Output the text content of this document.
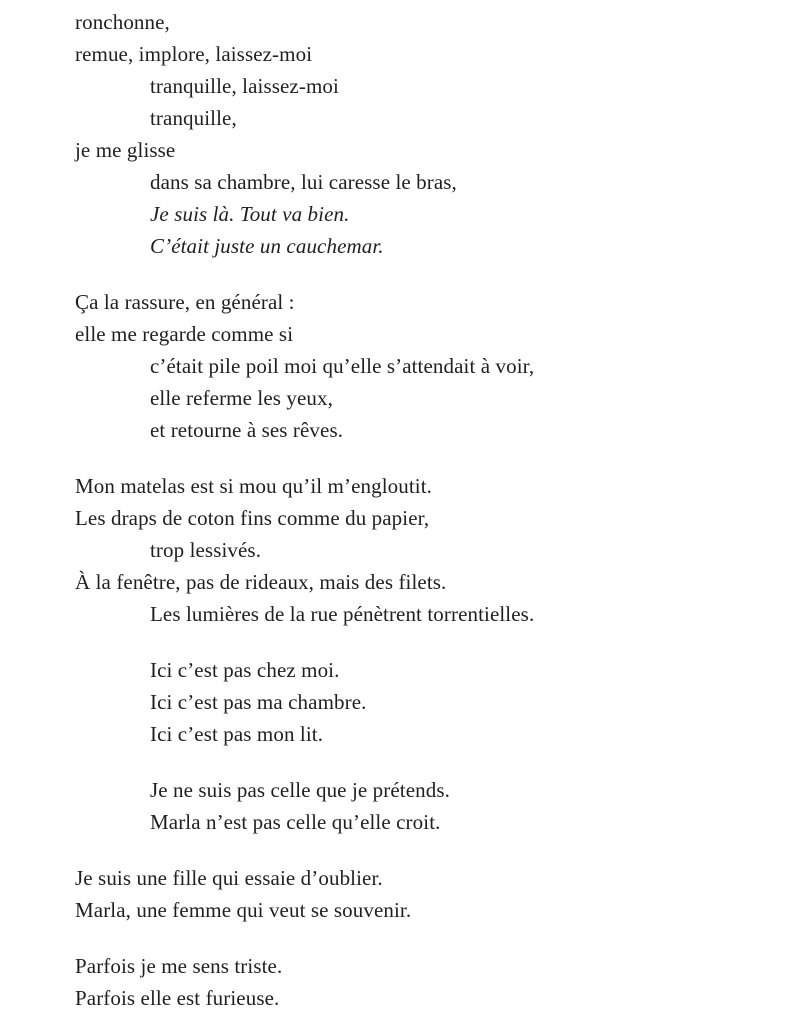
ronchonne,
remue, implore, laissez-moi
tranquille, laissez-moi
tranquille,
je me glisse
dans sa chambre, lui caresse le bras,
Je suis là. Tout va bien.
C’était juste un cauchemar.
Ça la rassure, en général :
elle me regarde comme si
c’était pile poil moi qu’elle s’attendait à voir,
elle referme les yeux,
et retourne à ses rêves.
Mon matelas est si mou qu’il m’engloutit.
Les draps de coton fins comme du papier,
trop lessivés.
À la fenêtre, pas de rideaux, mais des filets.
Les lumières de la rue pénètrent torrentielles.
Ici c’est pas chez moi.
Ici c’est pas ma chambre.
Ici c’est pas mon lit.
Je ne suis pas celle que je prétends.
Marla n’est pas celle qu’elle croit.
Je suis une fille qui essaie d’oublier.
Marla, une femme qui veut se souvenir.
Parfois je me sens triste.
Parfois elle est furieuse.
